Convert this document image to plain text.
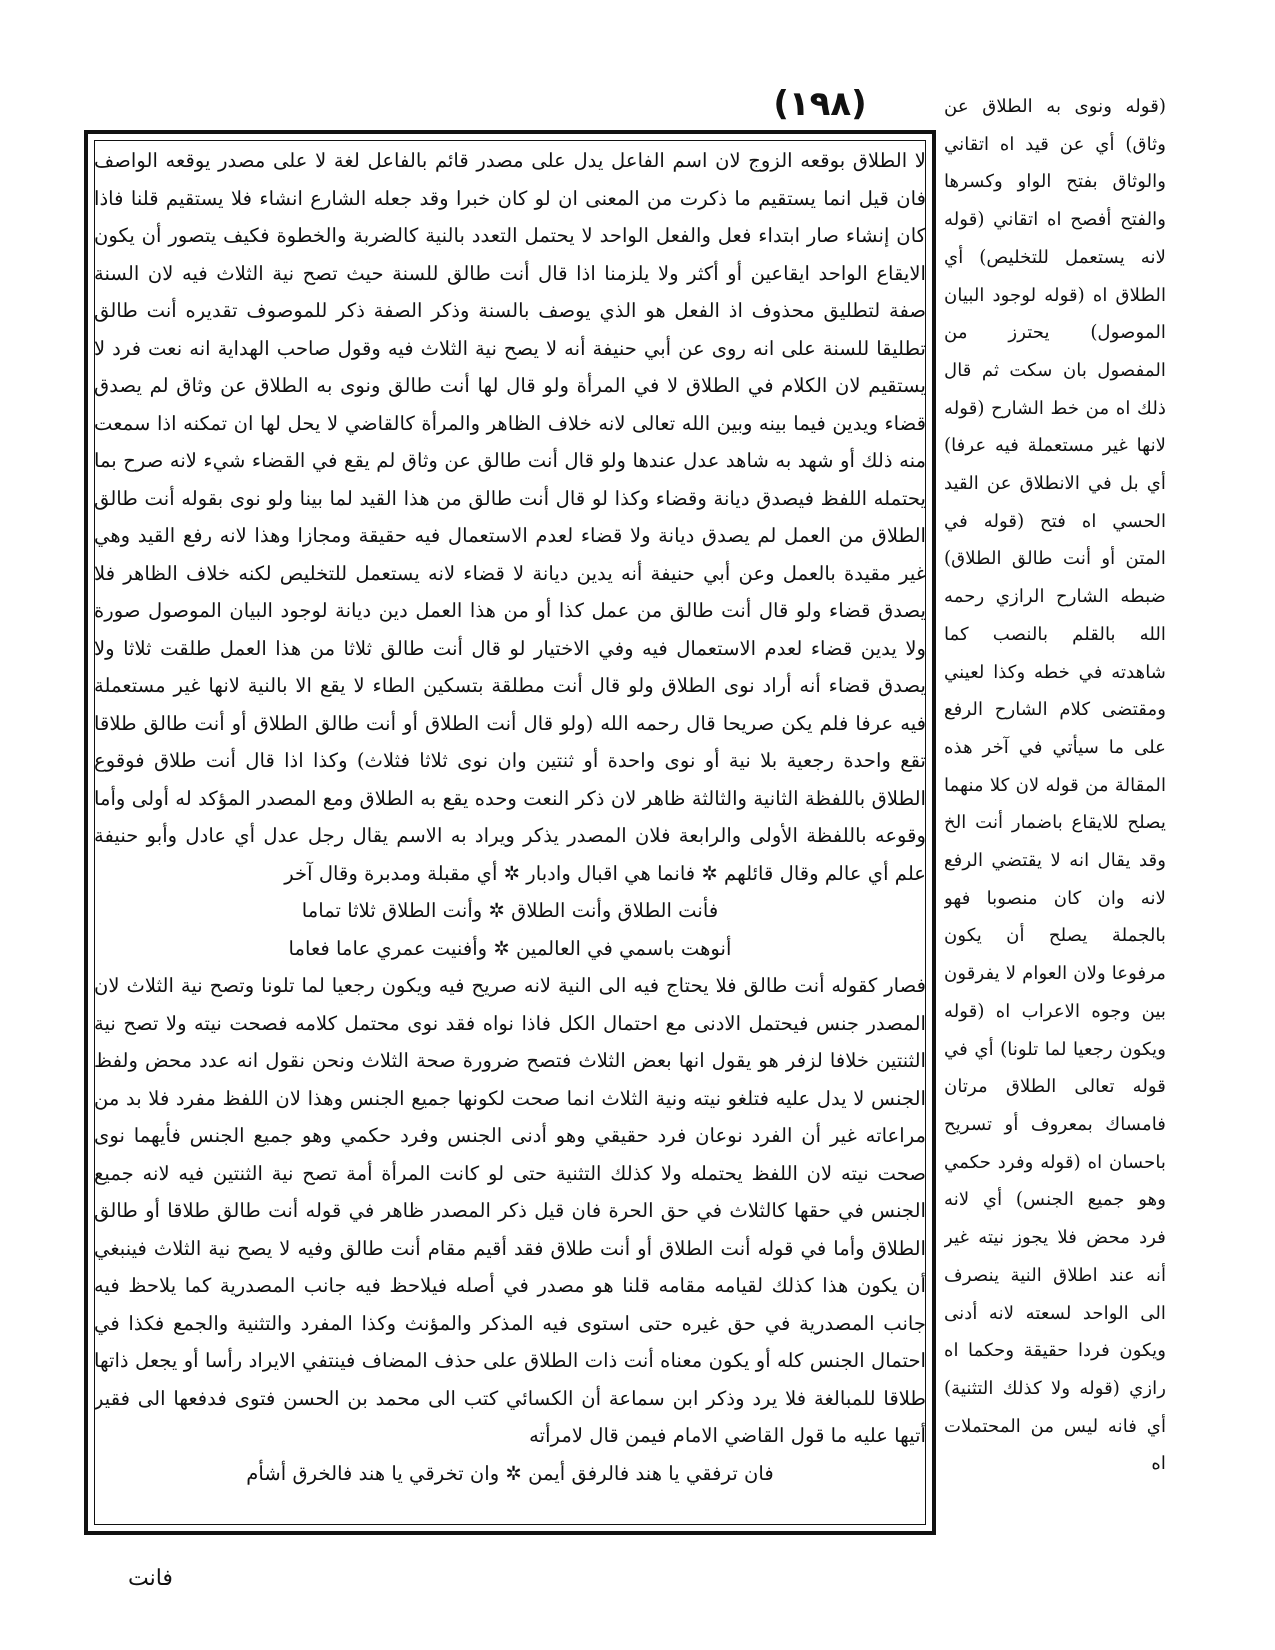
(١٩٨)

لا الطلاق بوقعه الزوج لان اسم الفاعل يدل على مصدر قائم بالفاعل لغة لا على مصدر يوقعه الواصف فان قيل انما يستقيم ما ذكرت من المعنى ان لو كان خبرا وقد جعله الشارع انشاء فلا يستقيم قلنا فاذا كان إنشاء صار ابتداء فعل والفعل الواحد لا يحتمل التعدد بالنية كالضربة والخطوة فكيف يتصور أن يكون الايقاع الواحد ايقاعين أو أكثر ولا يلزمنا اذا قال أنت طالق للسنة حيث تصح نية الثلاث فيه لان السنة صفة لتطليق محذوف اذ الفعل هو الذي يوصف بالسنة وذكر الصفة ذكر للموصوف تقديره أنت طالق تطليقا للسنة على انه روى عن أبي حنيفة أنه لا يصح نية الثلاث فيه وقول صاحب الهداية انه نعت فرد لا يستقيم لان الكلام في الطلاق لا في المرأة ولو قال لها أنت طالق ونوى به الطلاق عن وثاق لم يصدق قضاء ويدين فيما بينه وبين الله تعالى لانه خلاف الظاهر والمرأة كالقاضي لا يحل لها ان تمكنه اذا سمعت منه ذلك أو شهد به شاهد عدل عندها ولو قال أنت طالق عن وثاق لم يقع في القضاء شيء لانه صرح بما يحتمله اللفظ فيصدق ديانة وقضاء وكذا لو قال أنت طالق من هذا القيد لما بينا ولو نوى بقوله أنت طالق الطلاق من العمل لم يصدق ديانة ولا قضاء لعدم الاستعمال فيه حقيقة ومجازا وهذا لانه رفع القيد وهي غير مقيدة بالعمل وعن أبي حنيفة أنه يدين ديانة لا قضاء لانه يستعمل للتخليص لكنه خلاف الظاهر فلا يصدق قضاء ولو قال أنت طالق من عمل كذا أو من هذا العمل دين ديانة لوجود البيان الموصول صورة ولا يدين قضاء لعدم الاستعمال فيه وفي الاختيار لو قال أنت طالق ثلاثا من هذا العمل طلقت ثلاثا ولا يصدق قضاء أنه أراد نوى الطلاق ولو قال أنت مطلقة بتسكين الطاء لا يقع الا بالنية لانها غير مستعملة فيه عرفا فلم يكن صريحا قال رحمه الله (ولو قال أنت الطلاق أو أنت طالق الطلاق أو أنت طالق طلاقا تقع واحدة رجعية بلا نية أو نوى واحدة أو ثنتين وان نوى ثلاثا فثلاث) وكذا اذا قال أنت طلاق فوقوع الطلاق باللفظة الثانية والثالثة ظاهر لان ذكر النعت وحده يقع به الطلاق ومع المصدر المؤكد له أولى وأما وقوعه باللفظة الأولى والرابعة فلان المصدر يذكر ويراد به الاسم يقال رجل عدل أي عادل وأبو حنيفة علم أي عالم وقال قائلهم ✲ فانما هي اقبال وادبار ✲ أي مقبلة ومدبرة وقال آخر

فأنت الطلاق وأنت الطلاق ✲ وأنت الطلاق ثلاثا تماما

أنوهت باسمي في العالمين ✲ وأفنيت عمري عاما فعاما

فصار كقوله أنت طالق فلا يحتاج فيه الى النية لانه صريح فيه ويكون رجعيا لما تلونا وتصح نية الثلاث لان المصدر جنس فيحتمل الادنى مع احتمال الكل فاذا نواه فقد نوى محتمل كلامه فصحت نيته ولا تصح نية الثنتين خلافا لزفر هو يقول انها بعض الثلاث فتصح ضرورة صحة الثلاث ونحن نقول انه عدد محض ولفظ الجنس لا يدل عليه فتلغو نيته ونية الثلاث انما صحت لكونها جميع الجنس وهذا لان اللفظ مفرد فلا بد من مراعاته غير أن الفرد نوعان فرد حقيقي وهو أدنى الجنس وفرد حكمي وهو جميع الجنس فأيهما نوى صحت نيته لان اللفظ يحتمله ولا كذلك التثنية حتى لو كانت المرأة أمة تصح نية الثنتين فيه لانه جميع الجنس في حقها كالثلاث في حق الحرة فان قيل ذكر المصدر ظاهر في قوله أنت طالق طلاقا أو طالق الطلاق وأما في قوله أنت الطلاق أو أنت طلاق فقد أقيم مقام أنت طالق وفيه لا يصح نية الثلاث فينبغي أن يكون هذا كذلك لقيامه مقامه قلنا هو مصدر في أصله فيلاحظ فيه جانب المصدرية كما يلاحظ فيه جانب المصدرية في حق غيره حتى استوى فيه المذكر والمؤنث وكذا المفرد والتثنية والجمع فكذا في احتمال الجنس كله أو يكون معناه أنت ذات الطلاق على حذف المضاف فينتفي الايراد رأسا أو يجعل ذاتها طلاقا للمبالغة فلا يرد وذكر ابن سماعة أن الكسائي كتب الى محمد بن الحسن فتوى فدفعها الى فقير أتيها عليه ما قول القاضي الامام فيمن قال لامرأته

فان ترفقي يا هند فالرفق أيمن ✲ وان تخرقي يا هند فالخرق أشأم

(قوله ونوى به الطلاق عن وثاق) أي عن قيد اه اتقاني والوثاق بفتح الواو وكسرها والفتح أفصح اه اتقاني (قوله لانه يستعمل للتخليص) أي الطلاق اه (قوله لوجود البيان الموصول) يحترز من المفصول بان سكت ثم قال ذلك اه من خط الشارح (قوله لانها غير مستعملة فيه عرفا) أي بل في الانطلاق عن القيد الحسي اه فتح (قوله في المتن أو أنت طالق الطلاق) ضبطه الشارح الرازي رحمه الله بالقلم بالنصب كما شاهدته في خطه وكذا لعيني ومقتضى كلام الشارح الرفع على ما سيأتي في آخر هذه المقالة من قوله لان كلا منهما يصلح للايقاع باضمار أنت الخ وقد يقال انه لا يقتضي الرفع لانه وان كان منصوبا فهو بالجملة يصلح أن يكون مرفوعا ولان العوام لا يفرقون بين وجوه الاعراب اه (قوله ويكون رجعيا لما تلونا) أي في قوله تعالى الطلاق مرتان فامساك بمعروف أو تسريح باحسان اه (قوله وفرد حكمي وهو جميع الجنس) أي لانه فرد محض فلا يجوز نيته غير أنه عند اطلاق النية ينصرف الى الواحد لسعته لانه أدنى ويكون فردا حقيقة وحكما اه رازي (قوله ولا كذلك التثنية) أي فانه ليس من المحتملات اه

فانت
